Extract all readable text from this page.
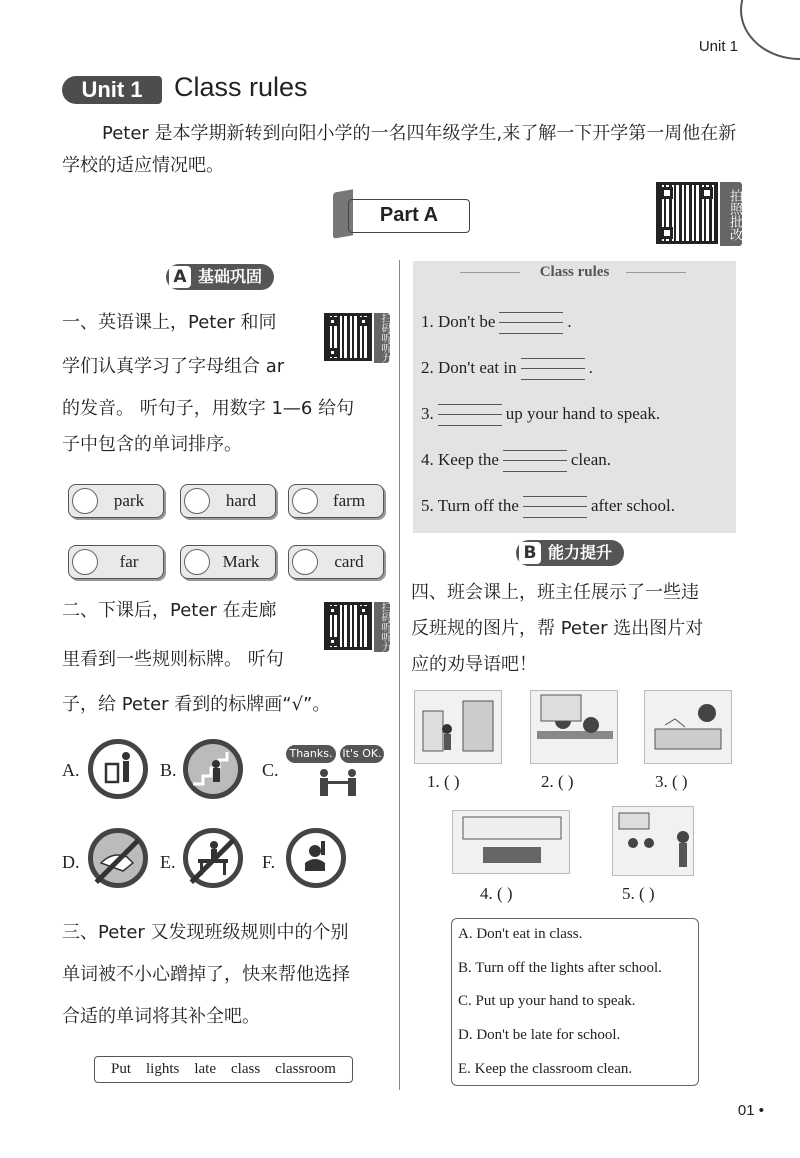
Unit 1
Unit 1	Class rules
Peter 是本学期新转到向阳小学的一名四年级学生,来了解一下开学第一周他在新学校的适应情况吧。
Part A	拍照批改
A 基础巩固
一、英语课上，Peter 和同
学们认真学习了字母组合 ar
的发音。 听句子，用数字 1—6 给句
子中包含的单词排序。
扫码听听力
park	hard	farm
far	Mark	card
二、下课后，Peter 在走廊
里看到一些规则标牌。 听句
子，给 Peter 看到的标牌画“√”。
扫码听听力
A.	B.	C.
Thanks. It's OK.
D.	E.	F.
三、Peter 又发现班级规则中的个别
单词被不小心蹭掉了，快来帮他选择
合适的单词将其补全吧。
Put    lights    late    class    classroom
Class rules
1. Don't be	.
2. Don't eat in	.
3.	up your hand to speak.
4. Keep the	clean.
5. Turn off the	after school.
B 能力提升
四、班会课上，班主任展示了一些违
反班规的图片，帮 Peter 选出图片对
应的劝导语吧！
1. ( )	2. ( )	3. ( )
4. ( )	5. ( )
A. Don't eat in class.
B. Turn off the lights after school.
C. Put up your hand to speak.
D. Don't be late for school.
E. Keep the classroom clean.
01 •
